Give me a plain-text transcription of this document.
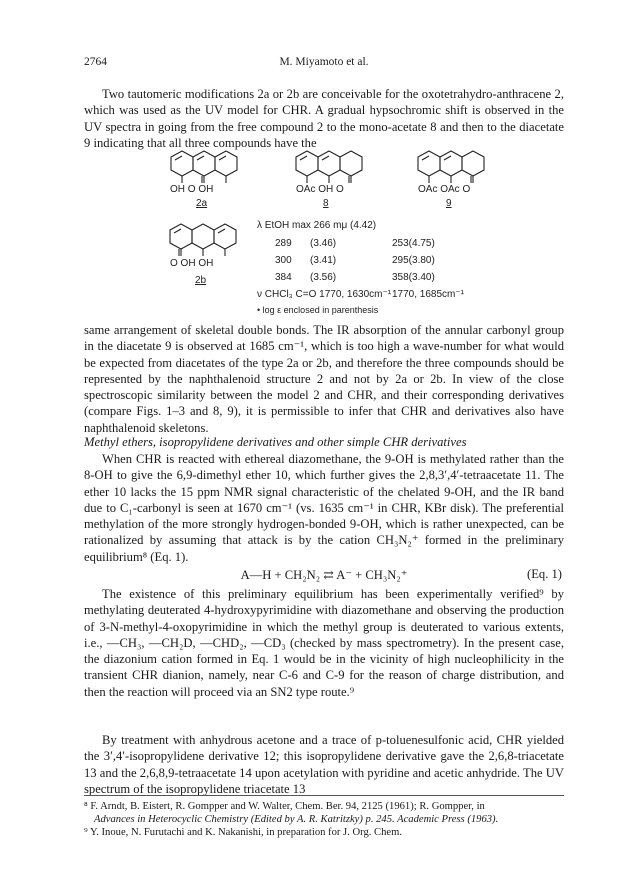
2764	M. Miyamoto et al.

Two tautomeric modifications 2a or 2b are conceivable for the oxotetrahydro-anthracene 2, which was used as the UV model for CHR. A gradual hypsochromic shift is observed in the UV spectra in going from the free compound 2 to the mono-acetate 8 and then to the diacetate 9 indicating that all three compounds have the

OH O OH
2a
OAc OH O
8
OAc OAc O
9
O OH OH
2b
λ EtOH max 266 mμ (4.42)
289 (3.46)	253(4.75)
300 (3.41)	295(3.80)
384 (3.56)	358(3.40)
ν CHCl₃ C=O 1770, 1630cm⁻¹ 1770, 1685cm⁻¹
• log ε enclosed in parenthesis

same arrangement of skeletal double bonds. The IR absorption of the annular carbonyl group in the diacetate 9 is observed at 1685 cm⁻¹, which is too high a wave-number for what would be expected from diacetates of the type 2a or 2b, and therefore the three compounds should be represented by the naphthalenoid structure 2 and not by 2a or 2b. In view of the close spectroscopic similarity between the model 2 and CHR, and their corresponding derivatives (compare Figs. 1–3 and 8, 9), it is permissible to infer that CHR and derivatives also have naphthalenoid skeletons.

Methyl ethers, isopropylidene derivatives and other simple CHR derivatives

When CHR is reacted with ethereal diazomethane, the 9-OH is methylated rather than the 8-OH to give the 6,9-dimethyl ether 10, which further gives the 2,8,3′,4′-tetraacetate 11. The ether 10 lacks the 15 ppm NMR signal characteristic of the chelated 9-OH, and the IR band due to C₁-carbonyl is seen at 1670 cm⁻¹ (vs. 1635 cm⁻¹ in CHR, KBr disk). The preferential methylation of the more strongly hydrogen-bonded 9-OH, which is rather unexpected, can be rationalized by assuming that attack is by the cation CH₃N₂⁺ formed in the preliminary equilibrium⁸ (Eq. 1).

A—H + CH₂N₂ ⇄ A⁻ + CH₃N₂⁺	(Eq. 1)

The existence of this preliminary equilibrium has been experimentally verified⁹ by methylating deuterated 4-hydroxypyrimidine with diazomethane and observing the production of 3-N-methyl-4-oxopyrimidine in which the methyl group is deuterated to various extents, i.e., —CH₃, —CH₂D, —CHD₂, —CD₃ (checked by mass spectrometry). In the present case, the diazonium cation formed in Eq. 1 would be in the vicinity of high nucleophilicity in the transient CHR dianion, namely, near C-6 and C-9 for the reason of charge distribution, and then the reaction will proceed via an SN2 type route.⁹

By treatment with anhydrous acetone and a trace of p-toluenesulfonic acid, CHR yielded the 3′,4′-isopropylidene derivative 12; this isopropylidene derivative gave the 2,6,8-triacetate 13 and the 2,6,8,9-tetraacetate 14 upon acetylation with pyridine and acetic anhydride. The UV spectrum of the isopropylidene triacetate 13

⁸ F. Arndt, B. Eistert, R. Gompper and W. Walter, Chem. Ber. 94, 2125 (1961); R. Gompper, in

Advances in Heterocyclic Chemistry (Edited by A. R. Katritzky) p. 245. Academic Press (1963).

⁹ Y. Inoue, N. Furutachi and K. Nakanishi, in preparation for J. Org. Chem.
